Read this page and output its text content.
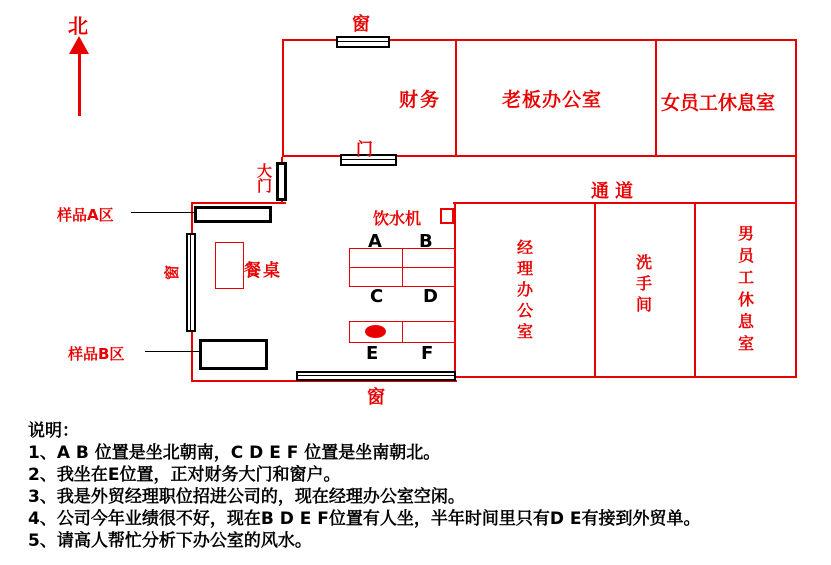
北
财务	老板办公室	女员工休息室
窗
门
通道
大门
样品A区
窗	餐桌
样品B区
饮水机
A B
C D
E F
窗
经理办公室
洗手间
男员工休息室
说明：
1、A B 位置是坐北朝南，C D E F 位置是坐南朝北。
2、我坐在E位置，正对财务大门和窗户。
3、我是外贸经理职位招进公司的，现在经理办公室空闲。
4、公司今年业绩很不好，现在B D E F位置有人坐，半年时间里只有D E有接到外贸单。
5、请高人帮忙分析下办公室的风水。
